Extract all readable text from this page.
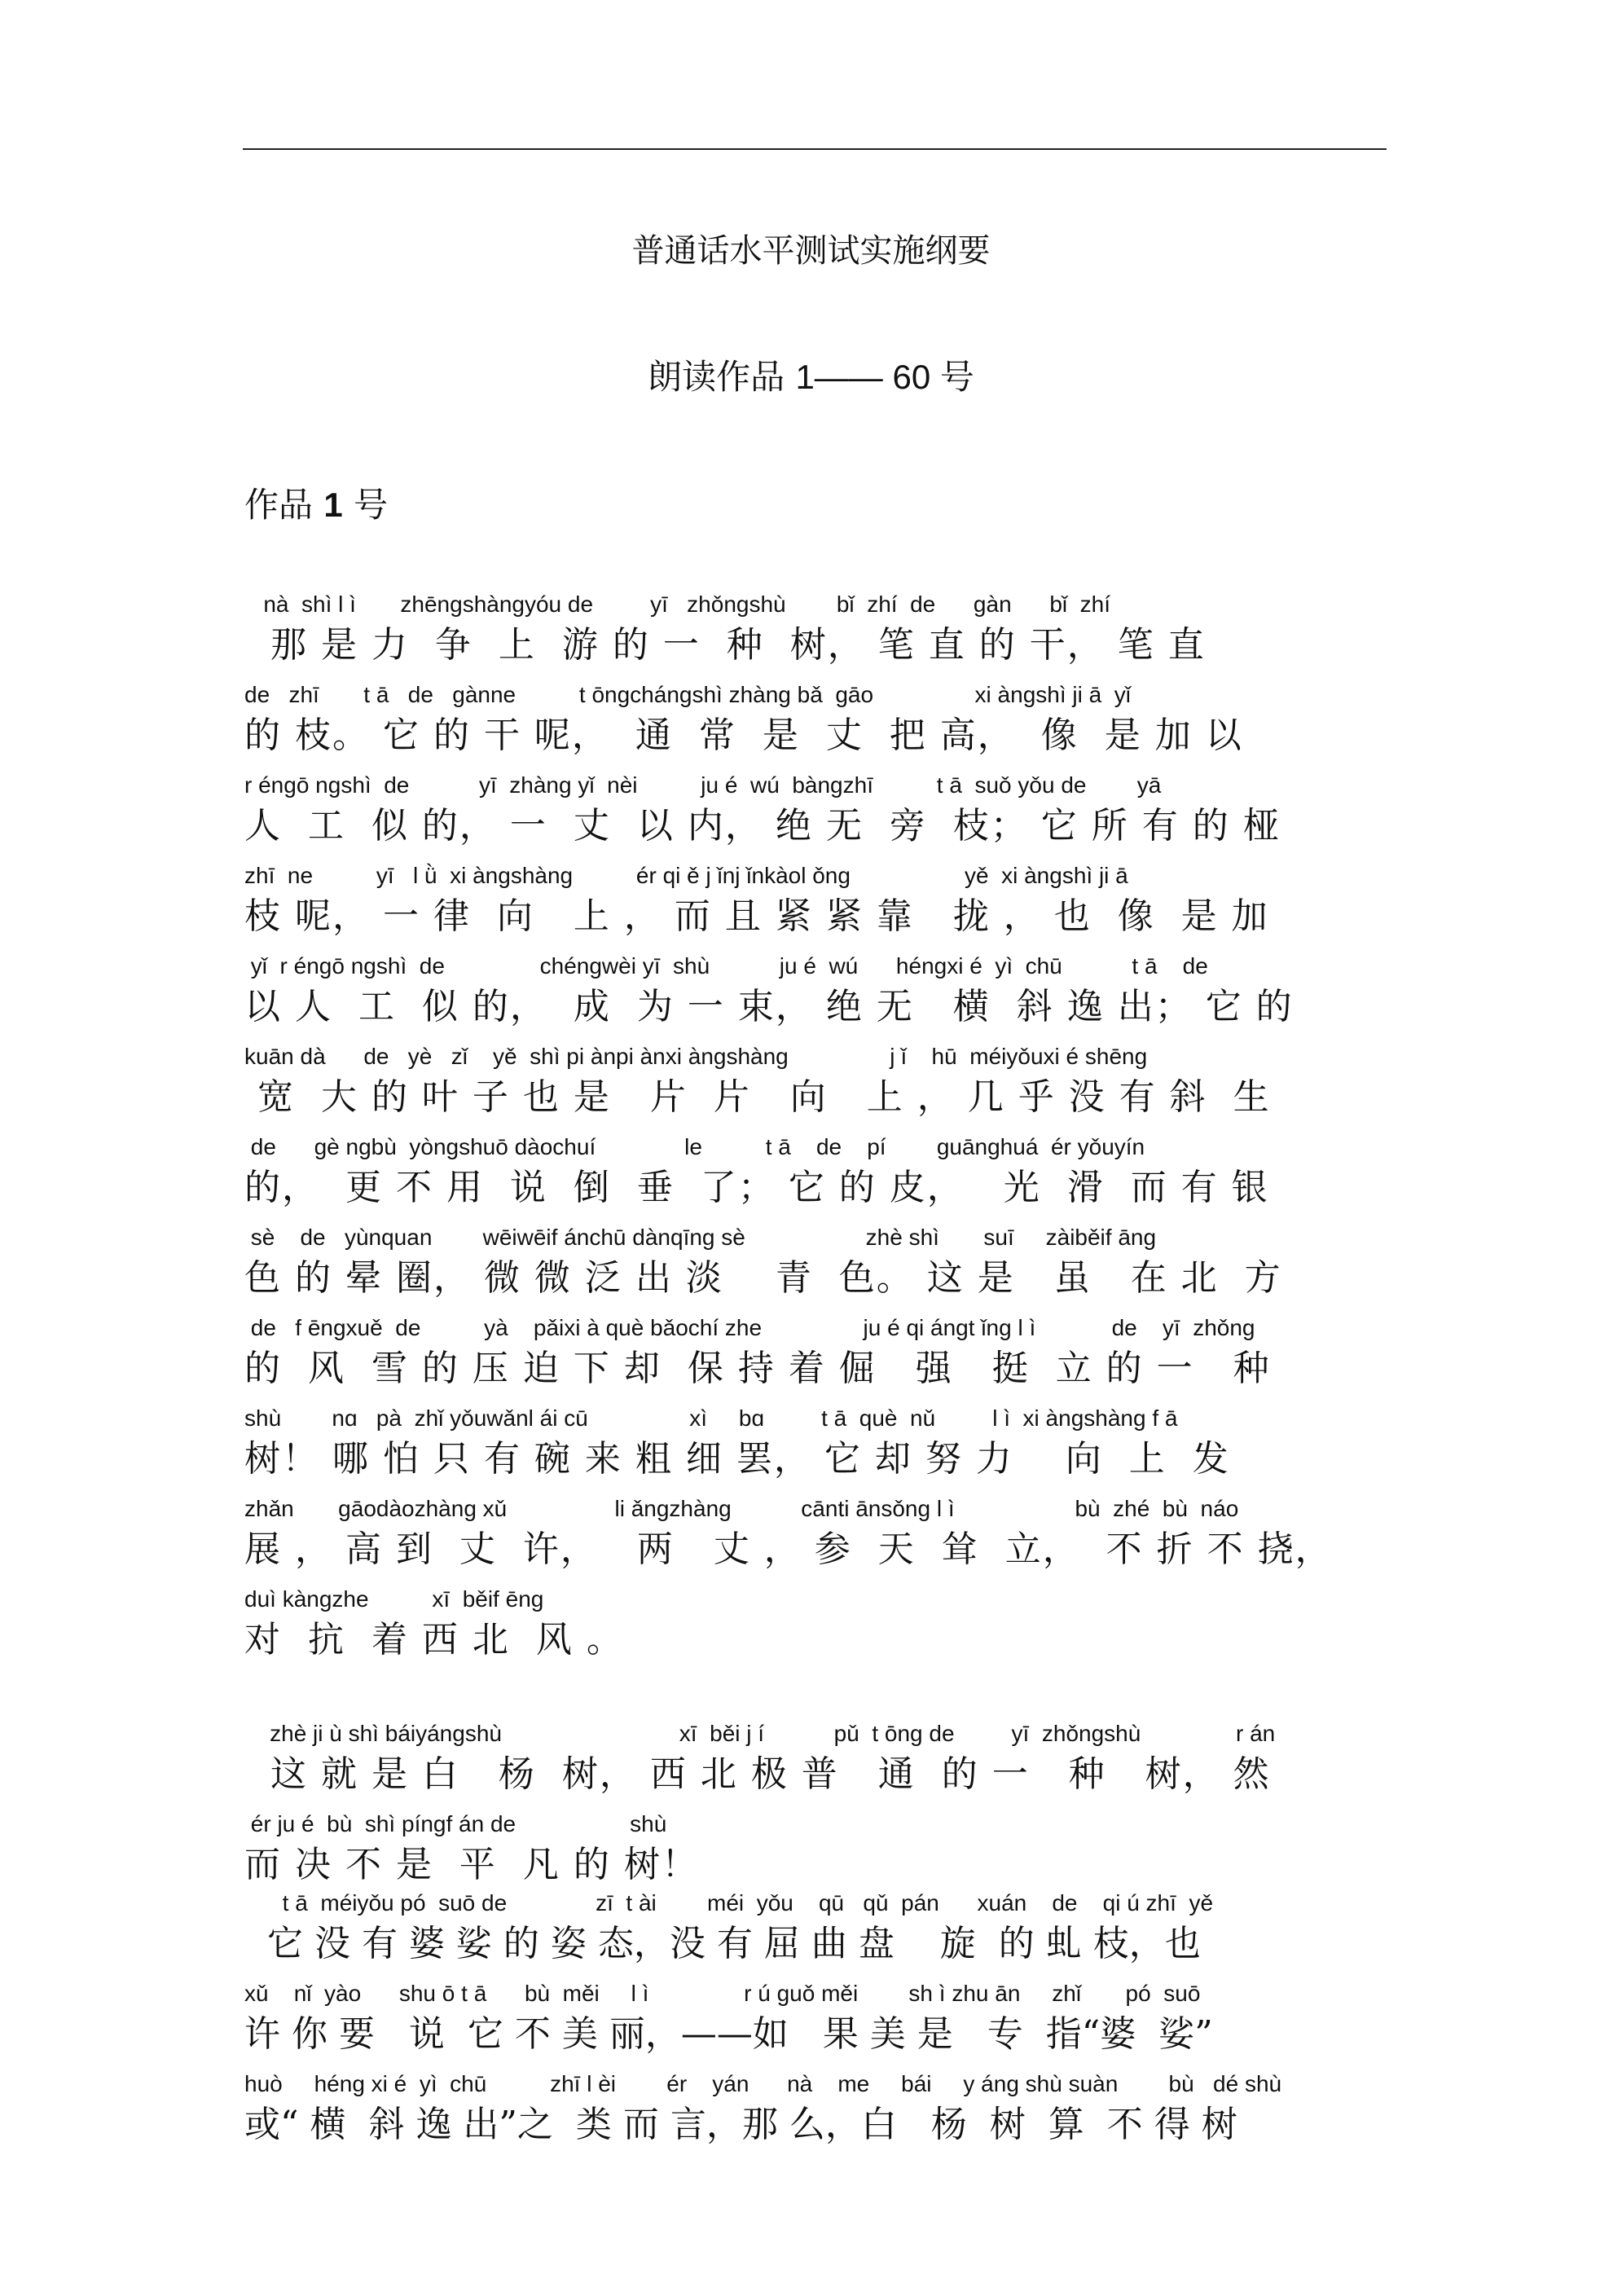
普通话水平测试实施纲要
朗读作品 1—— 60 号
作品 1 号
nà  shì l ì       zhēngshàngyóu de         yī   zhǒngshù        bǐ  zhí  de      gàn      bǐ  zhí
那 是 力  争  上  游 的 一  种  树， 笔 直 的 干， 笔 直
de   zhī       t ā   de   gànne          t ōngchángshì zhàng bǎ  gāo                xi àngshì ji ā  yǐ
的 枝。 它 的 干 呢，  通  常  是  丈  把 高，  像  是 加 以
r éngō ngshì  de           yī  zhàng yǐ  nèi          ju é  wú  bàngzhī          t ā  suǒ yǒu de        yā
人  工  似 的， 一  丈  以 内， 绝 无  旁  枝； 它 所 有 的 桠
zhī  ne          yī   l ǜ  xi àngshàng          ér qi ě j ǐnj ǐnkàol ǒng                  yě  xi àngshì ji ā
枝 呢， 一 律  向   上 ， 而 且 紧 紧 靠   拢 ， 也  像  是 加
yǐ  r éngō ngshì  de               chéngwèi yī  shù           ju é  wú      héngxi é  yì  chū           t ā    de
以 人  工  似 的，  成  为 一 束， 绝 无   横  斜 逸 出； 它 的
kuān dà      de   yè   zǐ    yě  shì pi ànpi ànxi àngshàng                j ǐ    hū  méiyǒuxi é shēng
宽  大 的 叶 子 也 是   片  片   向   上 ， 几 乎 没 有 斜  生
de      gè ngbù  yòngshuō dàochuí              le          t ā    de    pí        guānghuá  ér yǒuyín
的，  更 不 用  说  倒  垂  了； 它 的 皮，   光  滑  而 有 银
sè    de   yùnquan        wēiwēif ánchū dànqīng sè                   zhè shì       suī     zàiběif āng
色 的 晕 圈， 微 微 泛 出 淡    青  色。 这 是   虽   在 北  方
de   f ēngxuě  de          yà    pǎixi à què bǎochí zhe                ju é qi ángt ǐng l ì            de    yī  zhǒng
的  风  雪 的 压 迫 下 却  保 持 着 倔   强   挺  立 的 一   种
shù        nɑ   pà  zhǐ yǒuwǎnl ái cū                xì     bɑ         t ā  què  nǔ         l ì  xi àngshàng f ā
树！ 哪 怕 只 有 碗 来 粗 细 罢， 它 却 努 力    向  上  发
zhǎn       gāodàozhàng xǔ                 li ǎngzhàng           cānti ānsǒng l ì                   bù  zhé  bù  náo
展 ， 高 到  丈  许，   两   丈 ， 参  天  耸  立，  不 折 不 挠，
duì kàngzhe          xī  běif ēng
对  抗  着 西 北  风 。
zhè ji ù shì báiyángshù                            xī  běi j í           pǔ  t ōng de         yī  zhǒngshù               r án
这 就 是 白   杨  树， 西 北 极 普   通  的 一   种   树， 然
ér ju é  bù  shì píngf án de                  shù
而 决 不 是  平  凡 的 树！
t ā  méiyǒu pó  suō de              zī  t ài        méi  yǒu    qū   qǔ  pán      xuán    de    qi ú zhī  yě
它 没 有 婆 娑 的 姿 态，没 有 屈 曲 盘    旋  的 虬 枝，也
xǔ    nǐ  yào      shu ō t ā      bù  měi     l ì               r ú guǒ měi        sh ì zhu ān     zhǐ       pó  suō
许 你 要   说  它 不 美 丽，——如   果 美 是   专  指“婆  娑”
huò     héng xi é  yì  chū          zhī l èi        ér    yán      nà    me     bái     y áng shù suàn        bù   dé shù
或“ 横  斜 逸 出”之  类 而 言，那 么，白   杨  树  算  不 得 树
